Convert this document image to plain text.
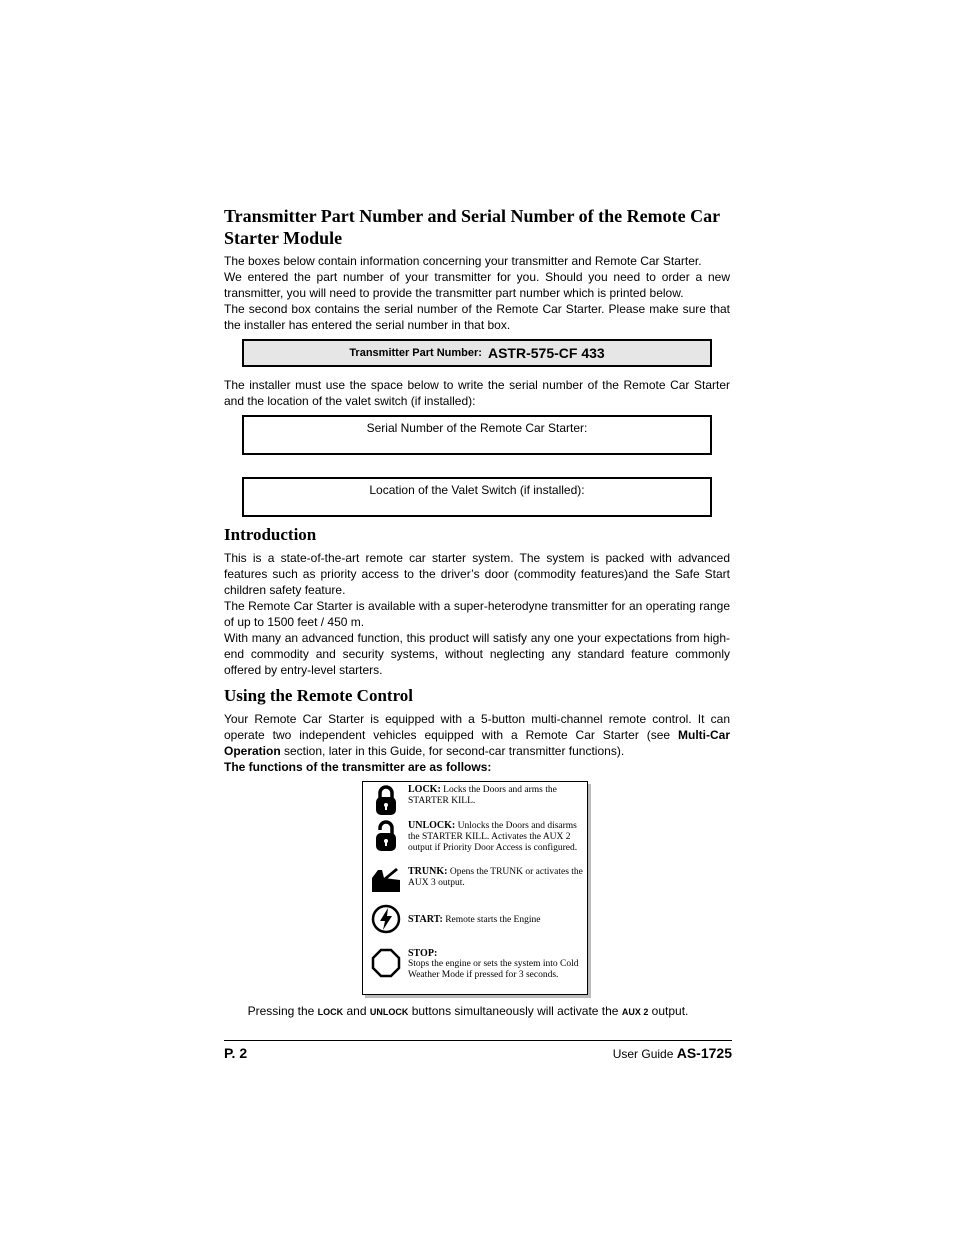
Transmitter Part Number and Serial Number of the Remote Car Starter Module

The boxes below contain information concerning your transmitter and Remote Car Starter.

We entered the part number of your transmitter for you. Should you need to order a new transmitter, you will need to provide the transmitter part number which is printed below.

The second box contains the serial number of the Remote Car Starter. Please make sure that the installer has entered the serial number in that box.

Transmitter Part Number: ASTR-575-CF 433

The installer must use the space below to write the serial number of the Remote Car Starter and the location of the valet switch (if installed):

Serial Number of the Remote Car Starter:
Location of the Valet Switch (if installed):
Introduction

This is a state-of-the-art remote car starter system. The system is packed with advanced features such as priority access to the driver’s door (commodity features)and the Safe Start children safety feature.

The Remote Car Starter is available with a super-heterodyne transmitter for an operating range of up to 1500 feet / 450 m.

With many an advanced function, this product will satisfy any one your expectations from high-end commodity and security systems, without neglecting any standard feature commonly offered by entry-level starters.

Using the Remote Control

Your Remote Car Starter is equipped with a 5-button multi-channel remote control. It can operate two independent vehicles equipped with a Remote Car Starter (see Multi-Car Operation section, later in this Guide, for second-car transmitter functions).

The functions of the transmitter are as follows:

LOCK: Locks the Doors and arms the STARTER KILL.
UNLOCK: Unlocks the Doors and disarms the STARTER KILL. Activates the AUX 2 output if Priority Door Access is configured.
TRUNK: Opens the TRUNK or activates the AUX 3 output.
START: Remote starts the Engine
STOP:
Stops the engine or sets the system into Cold Weather Mode if pressed for 3 seconds.

Pressing the LOCK and UNLOCK buttons simultaneously will activate the AUX 2 output.

P. 2	User Guide AS-1725
